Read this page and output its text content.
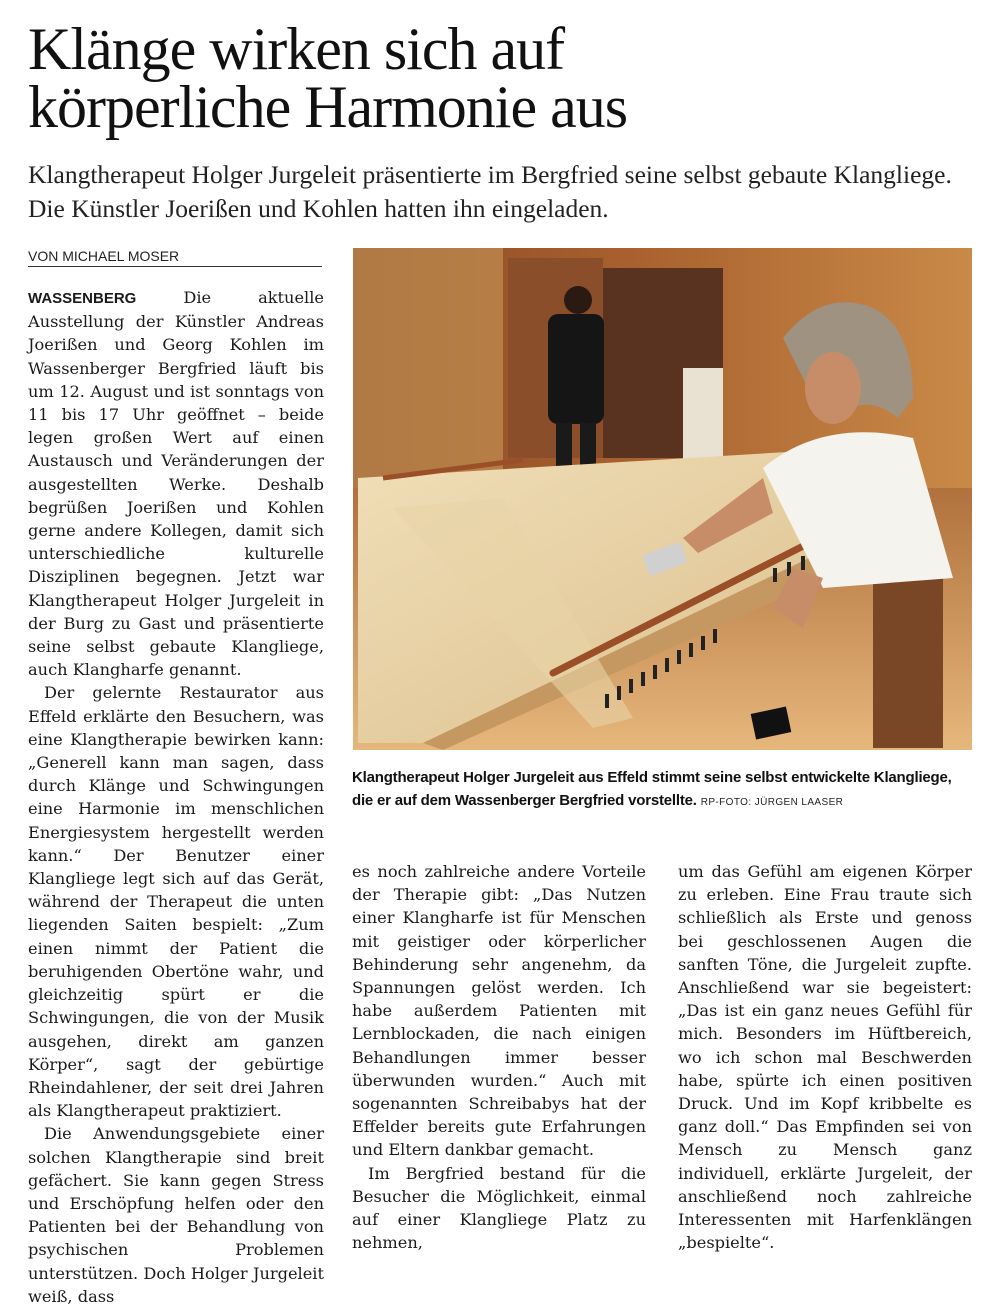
Klänge wirken sich auf
körperliche Harmonie aus

Klangtherapeut Holger Jurgeleit präsentierte im Bergfried seine selbst gebaute Klangliege. Die Künstler Joerißen und Kohlen hatten ihn eingeladen.

VON MICHAEL MOSER

WASSENBERG	Die aktuelle Ausstellung der Künstler Andreas Joerißen und Georg Kohlen im Wassenberger Bergfried läuft bis um 12. August und ist sonntags von 11 bis 17 Uhr geöffnet – beide legen großen Wert auf einen Austausch und Veränderungen der ausgestellten Werke. Deshalb begrüßen Joerißen und Kohlen gerne andere Kollegen, damit sich unterschiedliche kulturelle Disziplinen begegnen. Jetzt war Klangtherapeut Holger Jurgeleit in der Burg zu Gast und präsentierte seine selbst gebaute Klangliege, auch Klangharfe genannt.

Der gelernte Restaurator aus Effeld erklärte den Besuchern, was eine Klangtherapie bewirken kann: „Generell kann man sagen, dass durch Klänge und Schwingungen eine Harmonie im menschlichen Energiesystem hergestellt werden kann.“ Der Benutzer einer Klangliege legt sich auf das Gerät, während der Therapeut die unten liegenden Saiten bespielt: „Zum einen nimmt der Patient die beruhigenden Obertöne wahr, und gleichzeitig spürt er die Schwingungen, die von der Musik ausgehen, direkt am ganzen Körper“, sagt der gebürtige Rheindahlener, der seit drei Jahren als Klangtherapeut praktiziert.

Die Anwendungsgebiete einer solchen Klangtherapie sind breit gefächert. Sie kann gegen Stress und Erschöpfung helfen oder den Patienten bei der Behandlung von psychischen Problemen unterstützen. Doch Holger Jurgeleit weiß, dass

Klangtherapeut Holger Jurgeleit aus Effeld stimmt seine selbst entwickelte Klangliege, die er auf dem Wassenberger Bergfried vorstellte. RP-FOTO: JÜRGEN LAASER

es noch zahlreiche andere Vorteile der Therapie gibt: „Das Nutzen einer Klangharfe ist für Menschen mit geistiger oder körperlicher Behinderung sehr angenehm, da Spannungen gelöst werden. Ich habe außerdem Patienten mit Lernblockaden, die nach einigen Behandlungen immer besser überwunden wurden.“ Auch mit sogenannten Schreibabys hat der Effelder bereits gute Erfahrungen und Eltern dankbar gemacht.

Im Bergfried bestand für die Besucher die Möglichkeit, einmal auf einer Klangliege Platz zu nehmen,

um das Gefühl am eigenen Körper zu erleben. Eine Frau traute sich schließlich als Erste und genoss bei geschlossenen Augen die sanften Töne, die Jurgeleit zupfte. Anschließend war sie begeistert: „Das ist ein ganz neues Gefühl für mich. Besonders im Hüftbereich, wo ich schon mal Beschwerden habe, spürte ich einen positiven Druck. Und im Kopf kribbelte es ganz doll.“ Das Empfinden sei von Mensch zu Mensch ganz individuell, erklärte Jurgeleit, der anschließend noch zahlreiche Interessenten mit Harfenklängen „bespielte“.
